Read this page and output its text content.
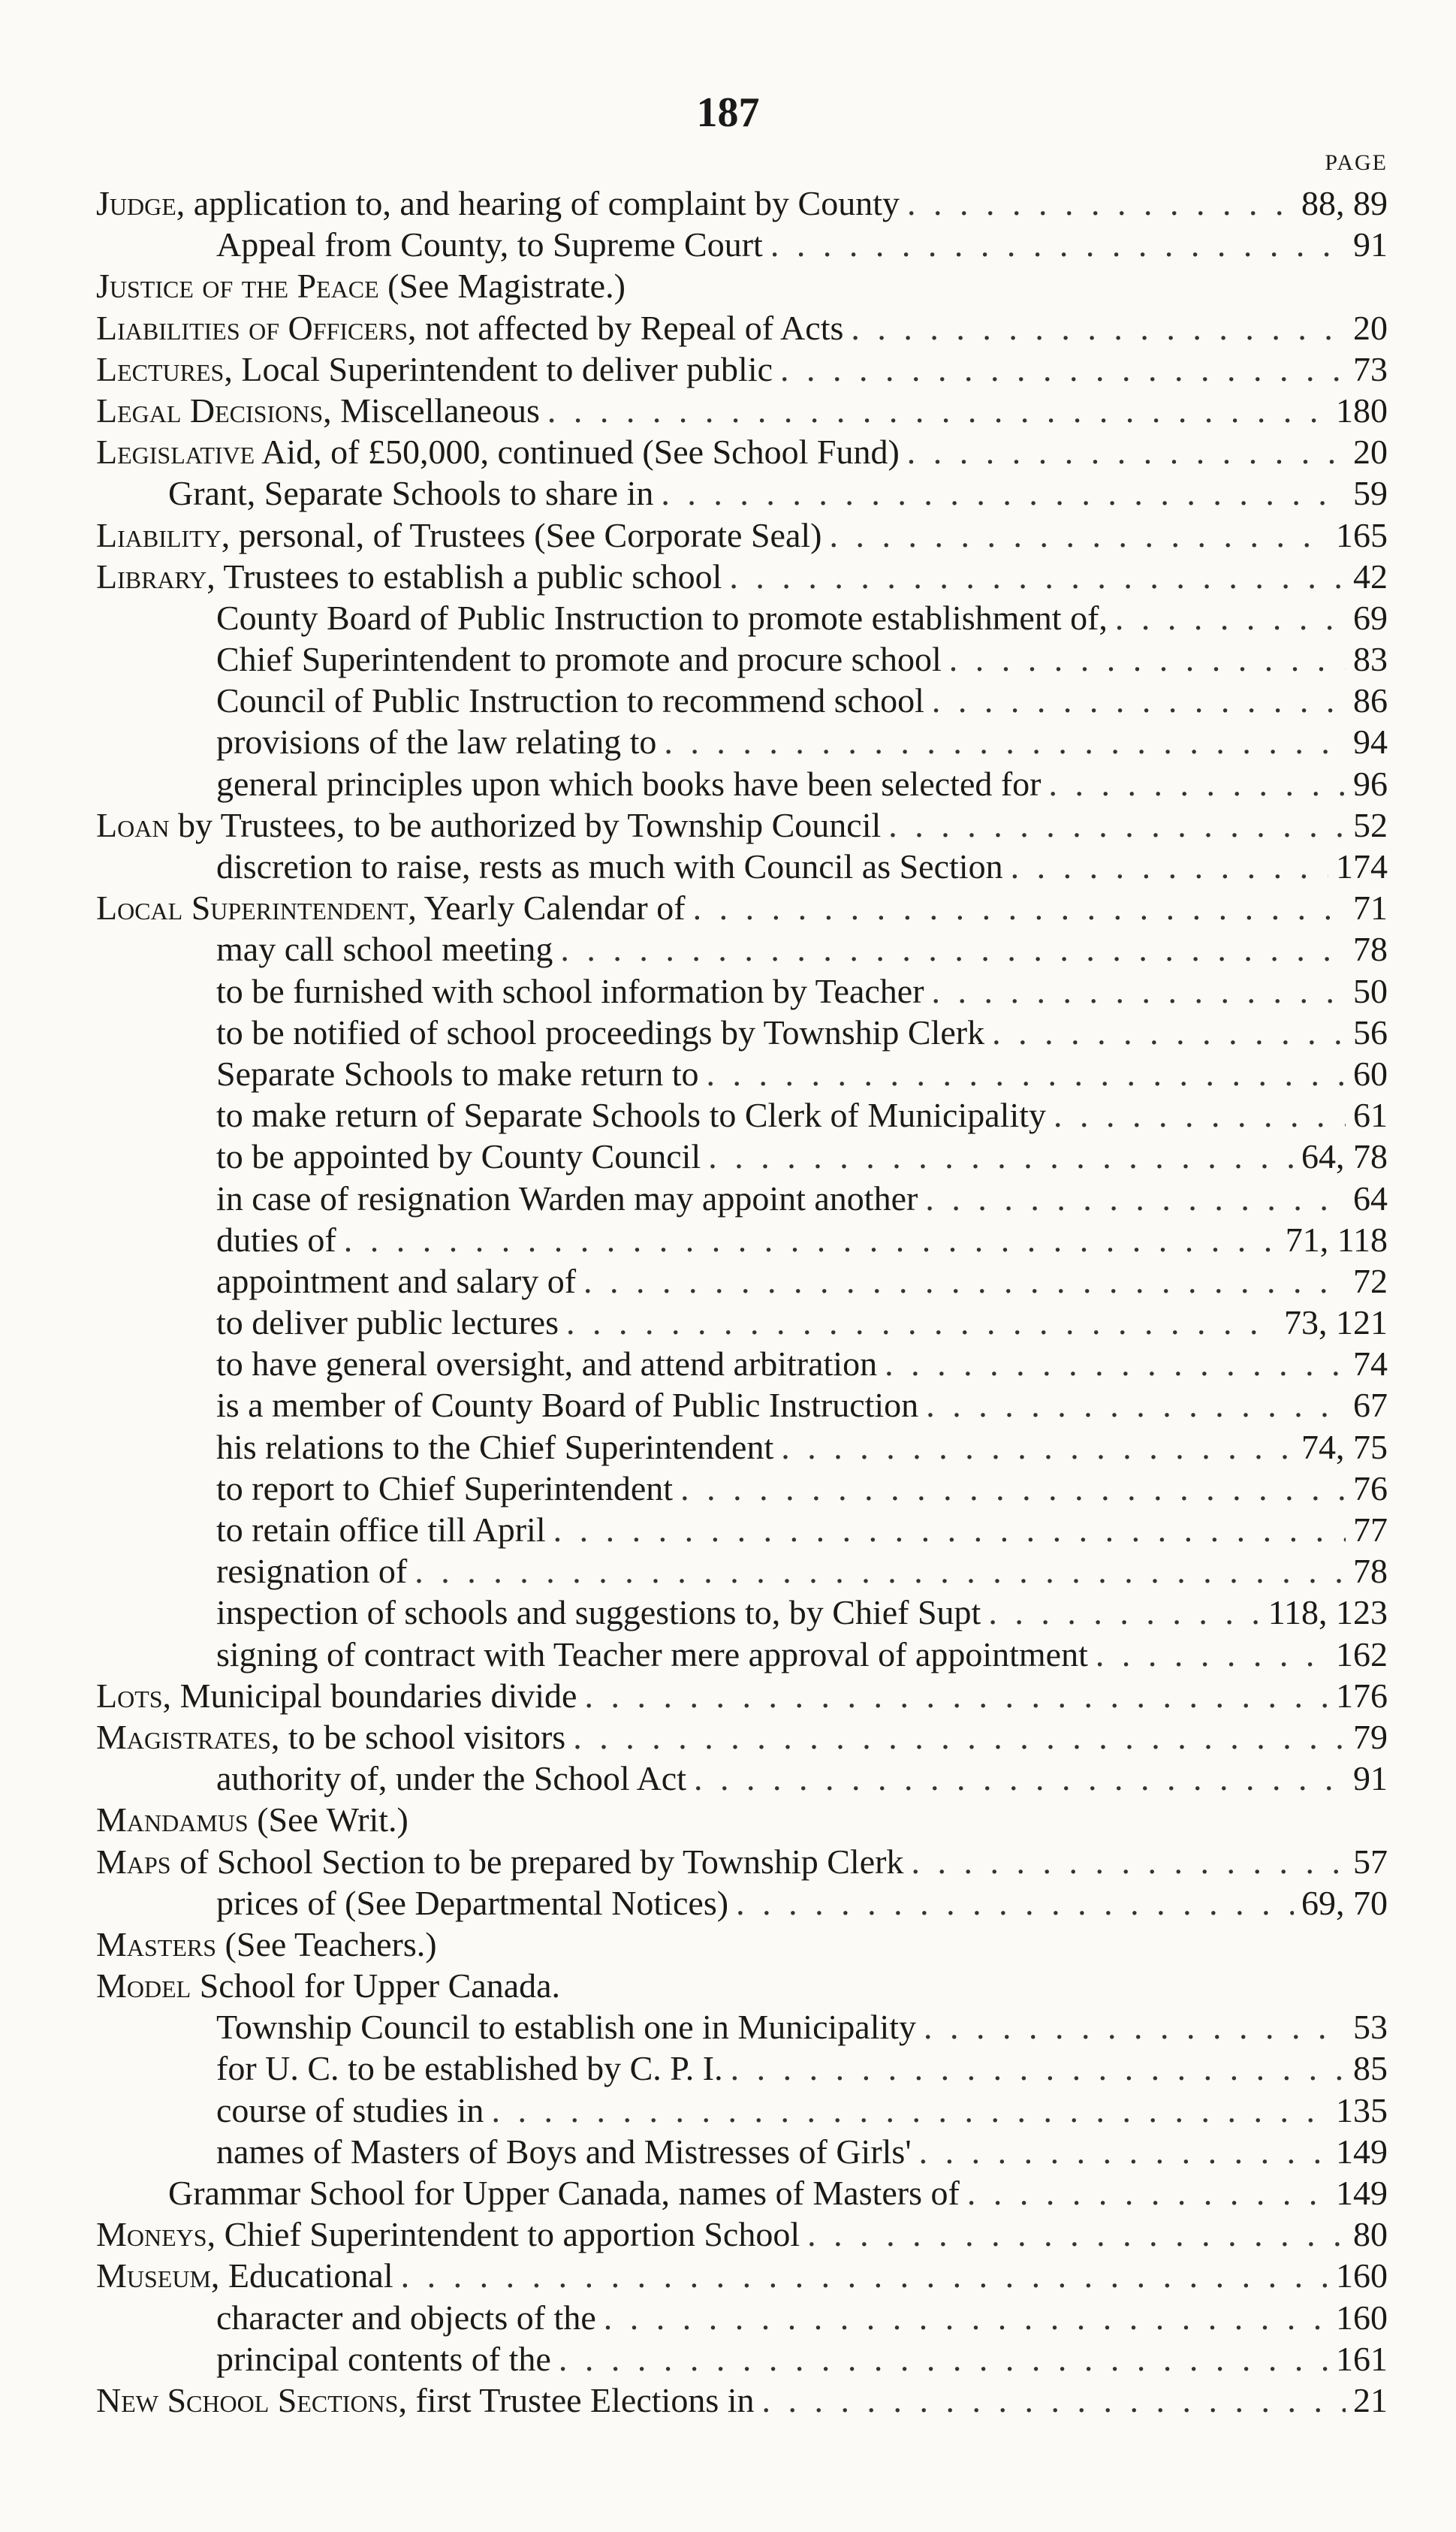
187
PAGE
Judge, application to, and hearing of complaint by County . . .	88, 89
Appeal from County, to Supreme Court . . .	91
Justice of the Peace (See Magistrate.)
Liabilities of Officers, not affected by Repeal of Acts . . .	20
Lectures, Local Superintendent to deliver public . . .	73
Legal Decisions, Miscellaneous . . .	180
Legislative Aid, of £50,000, continued (See School Fund) . . .	20
Grant, Separate Schools to share in . . .	59
Liability, personal, of Trustees (See Corporate Seal) . . .	165
Library, Trustees to establish a public school . . .	42
County Board of Public Instruction to promote establishment of, . . .	69
Chief Superintendent to promote and procure school . . .	83
Council of Public Instruction to recommend school . . .	86
provisions of the law relating to . . .	94
general principles upon which books have been selected for . . .	96
Loan by Trustees, to be authorized by Township Council . . .	52
discretion to raise, rests as much with Council as Section . . .	174
Local Superintendent, Yearly Calendar of . . .	71
may call school meeting . . .	78
to be furnished with school information by Teacher . . .	50
to be notified of school proceedings by Township Clerk . . .	56
Separate Schools to make return to . . .	60
to make return of Separate Schools to Clerk of Municipality . . .	61
to be appointed by County Council . . .	64, 78
in case of resignation Warden may appoint another . . .	64
duties of . . .	71, 118
appointment and salary of . . .	72
to deliver public lectures . . .	73, 121
to have general oversight, and attend arbitration . . .	74
is a member of County Board of Public Instruction . . .	67
his relations to the Chief Superintendent . . .	74, 75
to report to Chief Superintendent . . .	76
to retain office till April . . .	77
resignation of . . .	78
inspection of schools and suggestions to, by Chief Supt . . .	118, 123
signing of contract with Teacher mere approval of appointment . . .	162
Lots, Municipal boundaries divide . . .	176
Magistrates, to be school visitors . . .	79
authority of, under the School Act . . .	91
Mandamus (See Writ.)
Maps of School Section to be prepared by Township Clerk . . .	57
prices of (See Departmental Notices) . . .	69, 70
Masters (See Teachers.)
Model School for Upper Canada.
Township Council to establish one in Municipality . . .	53
for U. C. to be established by C. P. I. . . .	85
course of studies in . . .	135
names of Masters of Boys and Mistresses of Girls' . . .	149
Grammar School for Upper Canada, names of Masters of . . .	149
Moneys, Chief Superintendent to apportion School . . .	80
Museum, Educational . . .	160
character and objects of the . . .	160
principal contents of the . . .	161
New School Sections, first Trustee Elections in . . .	21
